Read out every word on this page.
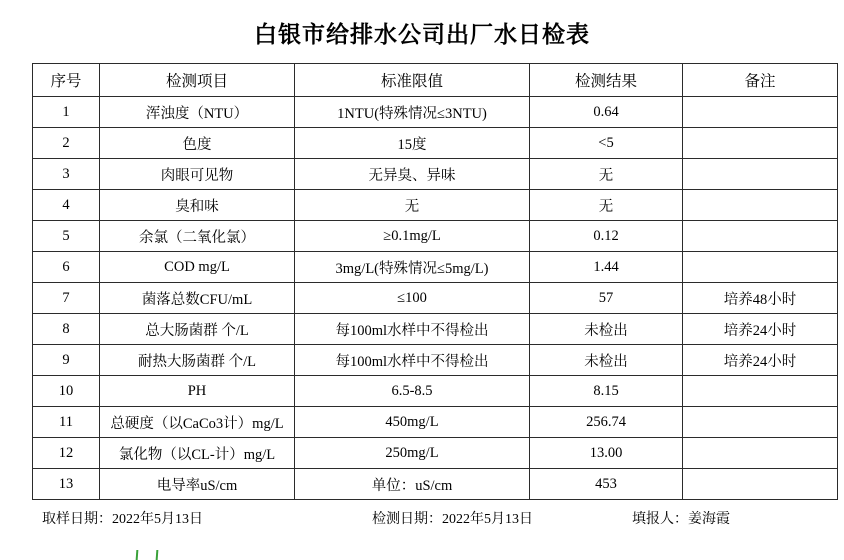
白银市给排水公司出厂水日检表
序号	检测项目	标准限值	检测结果	备注
1	浑浊度（NTU）	1NTU(特殊情况≤3NTU)	0.64	
2	色度	15度	<5	
3	肉眼可见物	无异臭、异味	无	
4	臭和味	无	无	
5	余氯（二氧化氯）	≥0.1mg/L	0.12	
6	COD mg/L	3mg/L(特殊情况≤5mg/L)	1.44	
7	菌落总数CFU/mL	≤100	57	培养48小时
8	总大肠菌群 个/L	每100ml水样中不得检出	未检出	培养24小时
9	耐热大肠菌群 个/L	每100ml水样中不得检出	未检出	培养24小时
10	PH	6.5-8.5	8.15	
11	总硬度（以CaCo3计）mg/L	450mg/L	256.74	
12	氯化物（以CL-计）mg/L	250mg/L	13.00	
13	电导率uS/cm	单位：uS/cm	453	
取样日期：2022年5月13日	检测日期：2022年5月13日	填报人：姜海霞
